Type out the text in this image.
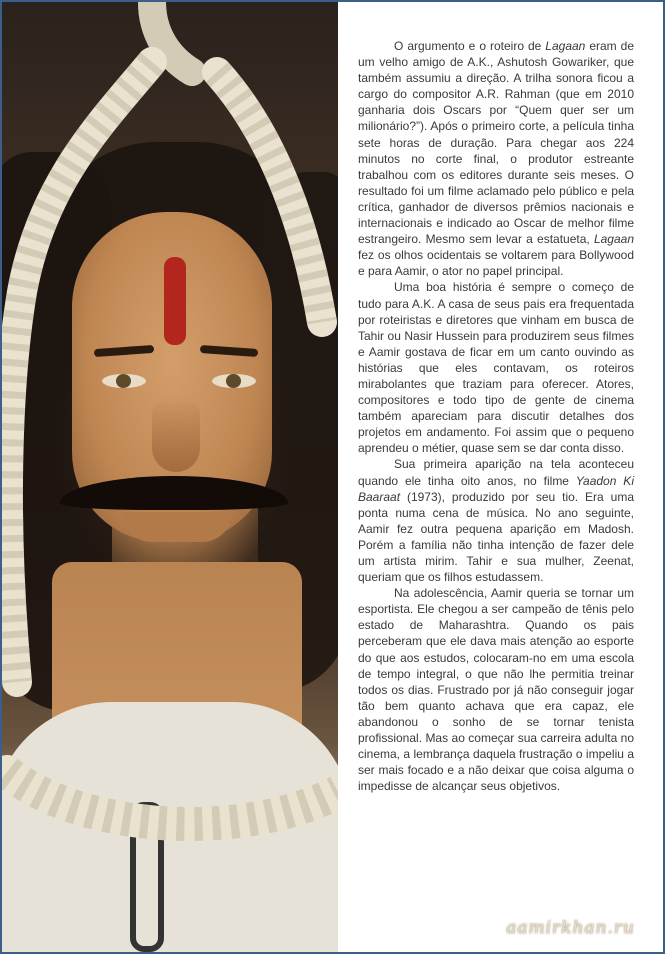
O argumento e o roteiro de Lagaan eram de um velho amigo de A.K., Ashutosh Gowariker, que também assumiu a direção. A trilha sonora ficou a cargo do compositor A.R. Rahman (que em 2010 ganharia dois Oscars por “Quem quer ser um milionário?”). Após o primeiro corte, a película tinha sete horas de duração. Para chegar aos 224 minutos no corte final, o produtor estreante trabalhou com os editores durante seis meses. O resultado foi um filme aclamado pelo público e pela crítica, ganhador de diversos prêmios nacionais e internacionais e indicado ao Oscar de melhor filme estrangeiro. Mesmo sem levar a estatueta, Lagaan fez os olhos ocidentais se voltarem para Bollywood e para Aamir, o ator no papel principal.

Uma boa história é sempre o começo de tudo para A.K. A casa de seus pais era frequentada por roteiristas e diretores que vinham em busca de Tahir ou Nasir Hussein para produzirem seus filmes e Aamir gostava de ficar em um canto ouvindo as histórias que eles contavam, os roteiros mirabolantes que traziam para oferecer. Atores, compositores e todo tipo de gente de cinema também apareciam para discutir detalhes dos projetos em andamento. Foi assim que o pequeno aprendeu o métier, quase sem se dar conta disso.

Sua primeira aparição na tela aconteceu quando ele tinha oito anos, no filme Yaadon Ki Baaraat (1973), produzido por seu tio. Era uma ponta numa cena de música. No ano seguinte, Aamir fez outra pequena aparição em Madosh. Porém a família não tinha intenção de fazer dele um artista mirim. Tahir e sua mulher, Zeenat, queriam que os filhos estudassem.

Na adolescência, Aamir queria se tornar um esportista. Ele chegou a ser campeão de tênis pelo estado de Maharashtra. Quando os pais perceberam que ele dava mais atenção ao esporte do que aos estudos, colocaram-no em uma escola de tempo integral, o que não lhe permitia treinar todos os dias. Frustrado por já não conseguir jogar tão bem quanto achava que era capaz, ele abandonou o sonho de se tornar tenista profissional. Mas ao começar sua carreira adulta no cinema, a lembrança daquela frustração o impeliu a ser mais focado e a não deixar que coisa alguma o impedisse de alcançar seus objetivos.

aamirkhan.ru
